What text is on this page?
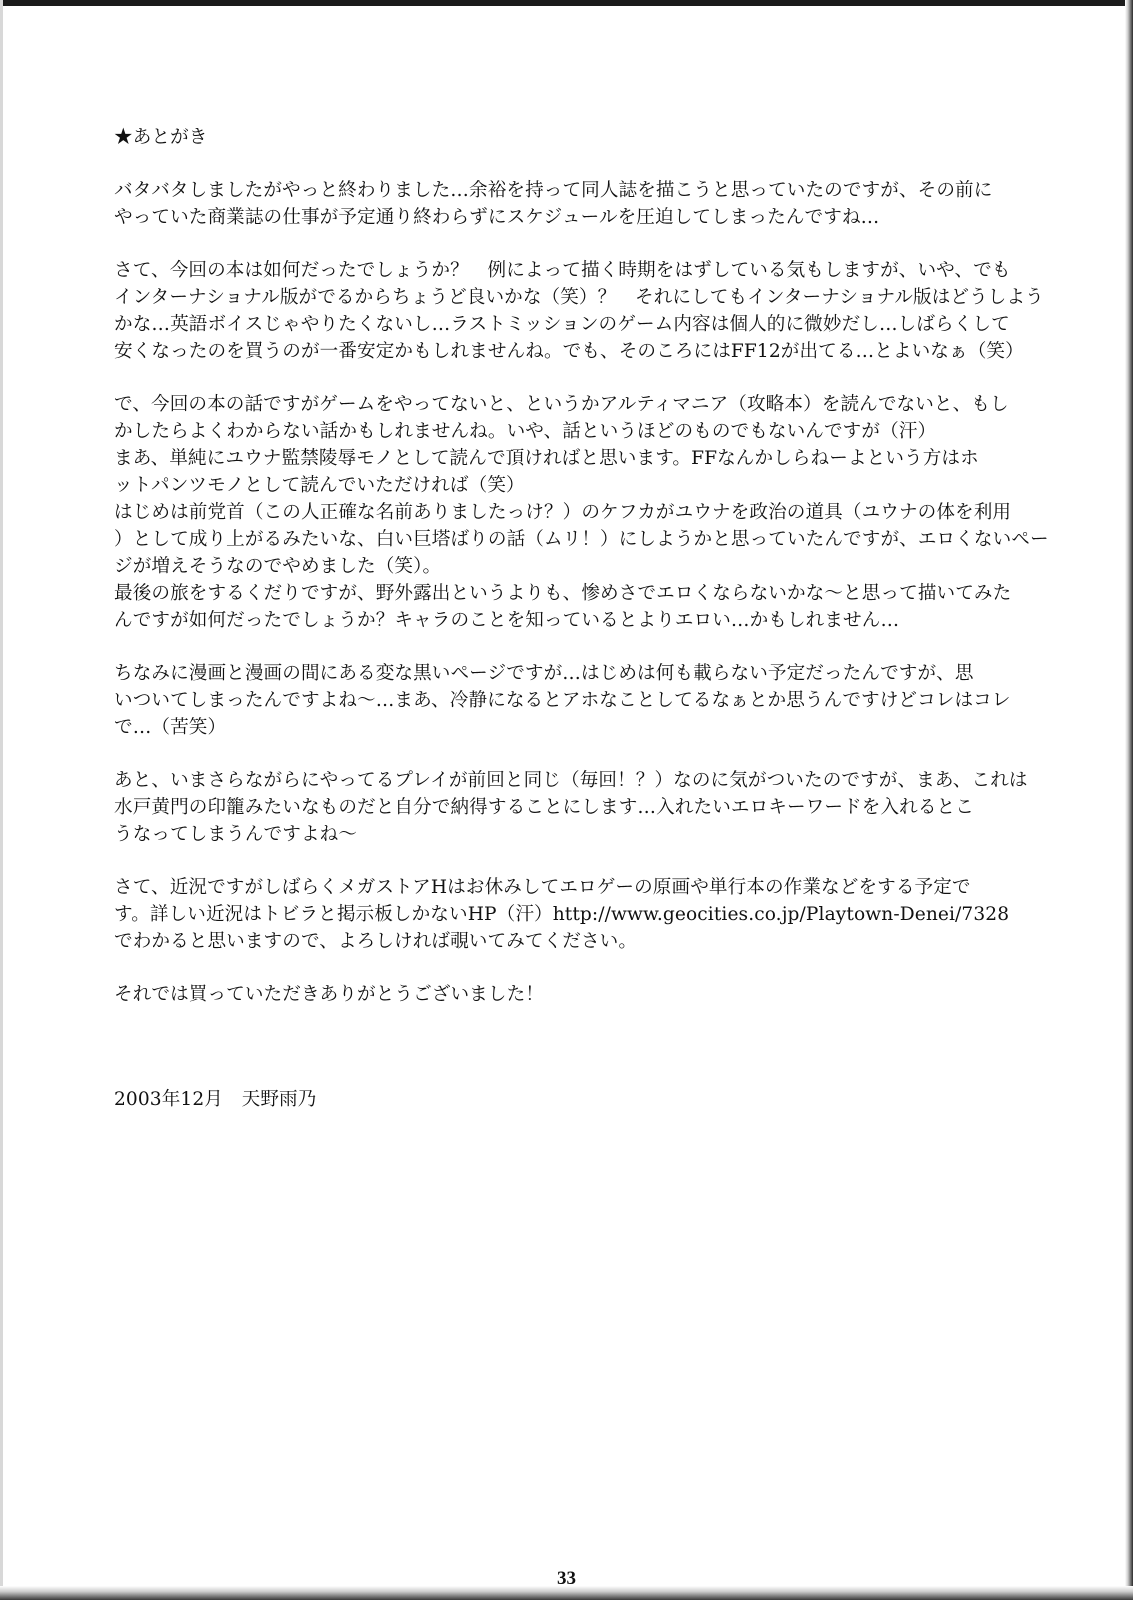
★あとがき
バタバタしましたがやっと終わりました…余裕を持って同人誌を描こうと思っていたのですが、その前に
やっていた商業誌の仕事が予定通り終わらずにスケジュールを圧迫してしまったんですね…
さて、今回の本は如何だったでしょうか？　例によって描く時期をはずしている気もしますが、いや、でも
インターナショナル版がでるからちょうど良いかな（笑）？　それにしてもインターナショナル版はどうしよう
かな…英語ボイスじゃやりたくないし…ラストミッションのゲーム内容は個人的に微妙だし…しばらくして
安くなったのを買うのが一番安定かもしれませんね。でも、そのころにはFF12が出てる…とよいなぁ（笑）
で、今回の本の話ですがゲームをやってないと、というかアルティマニア（攻略本）を読んでないと、もし
かしたらよくわからない話かもしれませんね。いや、話というほどのものでもないんですが（汗）
まあ、単純にユウナ監禁陵辱モノとして読んで頂ければと思います。FFなんかしらねーよという方はホ
ットパンツモノとして読んでいただければ（笑）
はじめは前党首（この人正確な名前ありましたっけ？）のケフカがユウナを政治の道具（ユウナの体を利用
）として成り上がるみたいな、白い巨塔ばりの話（ムリ！）にしようかと思っていたんですが、エロくないペー
ジが増えそうなのでやめました（笑）。
最後の旅をするくだりですが、野外露出というよりも、惨めさでエロくならないかな～と思って描いてみた
んですが如何だったでしょうか？キャラのことを知っているとよりエロい…かもしれません…
ちなみに漫画と漫画の間にある変な黒いページですが…はじめは何も載らない予定だったんですが、思
いついてしまったんですよね～…まあ、冷静になるとアホなことしてるなぁとか思うんですけどコレはコレ
で…（苦笑）
あと、いまさらながらにやってるプレイが前回と同じ（毎回！？）なのに気がついたのですが、まあ、これは
水戸黄門の印籠みたいなものだと自分で納得することにします…入れたいエロキーワードを入れるとこ
うなってしまうんですよね～
さて、近況ですがしばらくメガストアHはお休みしてエロゲーの原画や単行本の作業などをする予定で
す。詳しい近況はトビラと掲示板しかないHP（汗）http://www.geocities.co.jp/Playtown-Denei/7328
でわかると思いますので、よろしければ覗いてみてください。
それでは買っていただきありがとうございました！
2003年12月　天野雨乃
33
